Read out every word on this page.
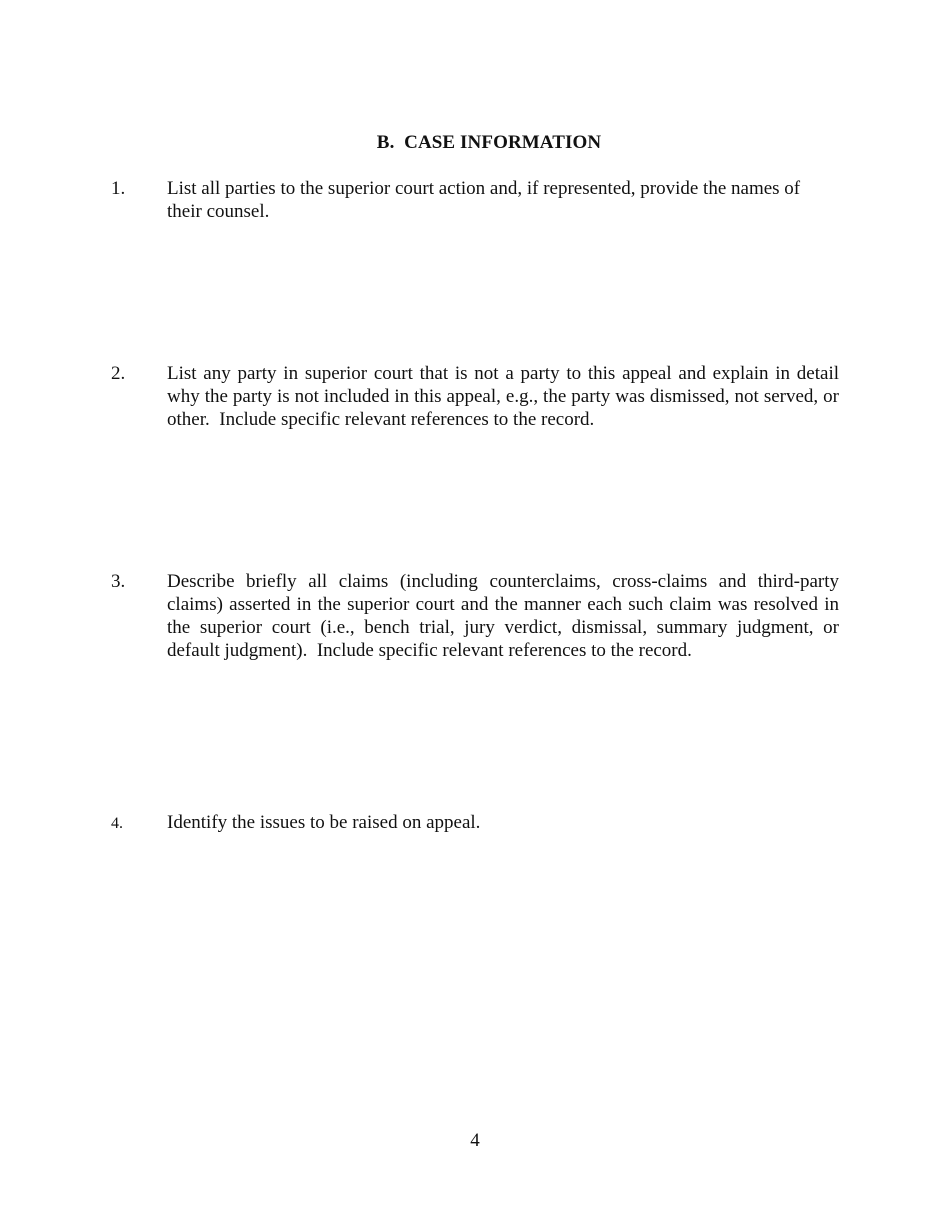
B.  CASE INFORMATION
1. List all parties to the superior court action and, if represented, provide the names of their counsel.
2. List any party in superior court that is not a party to this appeal and explain in detail why the party is not included in this appeal, e.g., the party was dismissed, not served, or other.  Include specific relevant references to the record.
3. Describe briefly all claims (including counterclaims, cross-claims and third-party claims) asserted in the superior court and the manner each such claim was resolved in the superior court (i.e., bench trial, jury verdict, dismissal, summary judgment, or default judgment).  Include specific relevant references to the record.
4. Identify the issues to be raised on appeal.
4
